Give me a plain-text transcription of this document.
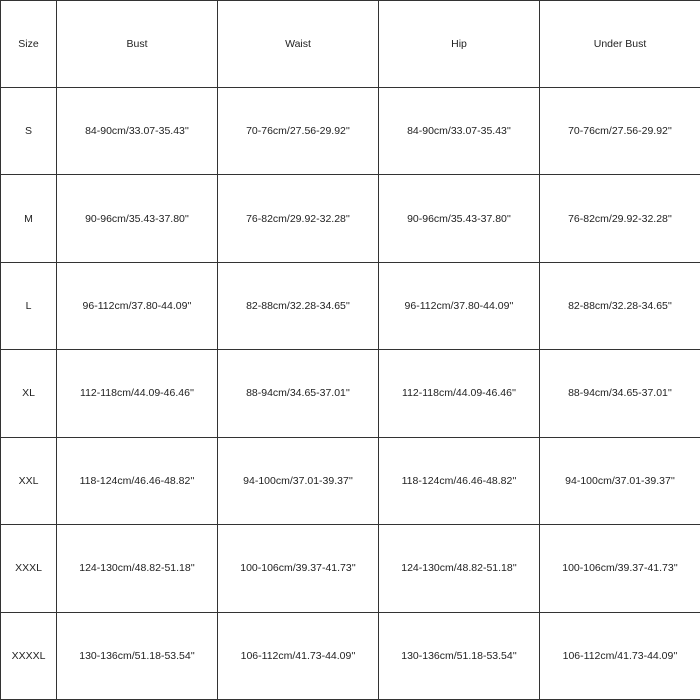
Size	Bust	Waist	Hip	Under Bust
S	84-90cm/33.07-35.43''	70-76cm/27.56-29.92''	84-90cm/33.07-35.43''	70-76cm/27.56-29.92''
M	90-96cm/35.43-37.80''	76-82cm/29.92-32.28''	90-96cm/35.43-37.80''	76-82cm/29.92-32.28''
L	96-112cm/37.80-44.09''	82-88cm/32.28-34.65''	96-112cm/37.80-44.09''	82-88cm/32.28-34.65''
XL	112-118cm/44.09-46.46''	88-94cm/34.65-37.01''	112-118cm/44.09-46.46''	88-94cm/34.65-37.01''
XXL	118-124cm/46.46-48.82''	94-100cm/37.01-39.37''	118-124cm/46.46-48.82''	94-100cm/37.01-39.37''
XXXL	124-130cm/48.82-51.18''	100-106cm/39.37-41.73''	124-130cm/48.82-51.18''	100-106cm/39.37-41.73''
XXXXL	130-136cm/51.18-53.54''	106-112cm/41.73-44.09''	130-136cm/51.18-53.54''	106-112cm/41.73-44.09''
